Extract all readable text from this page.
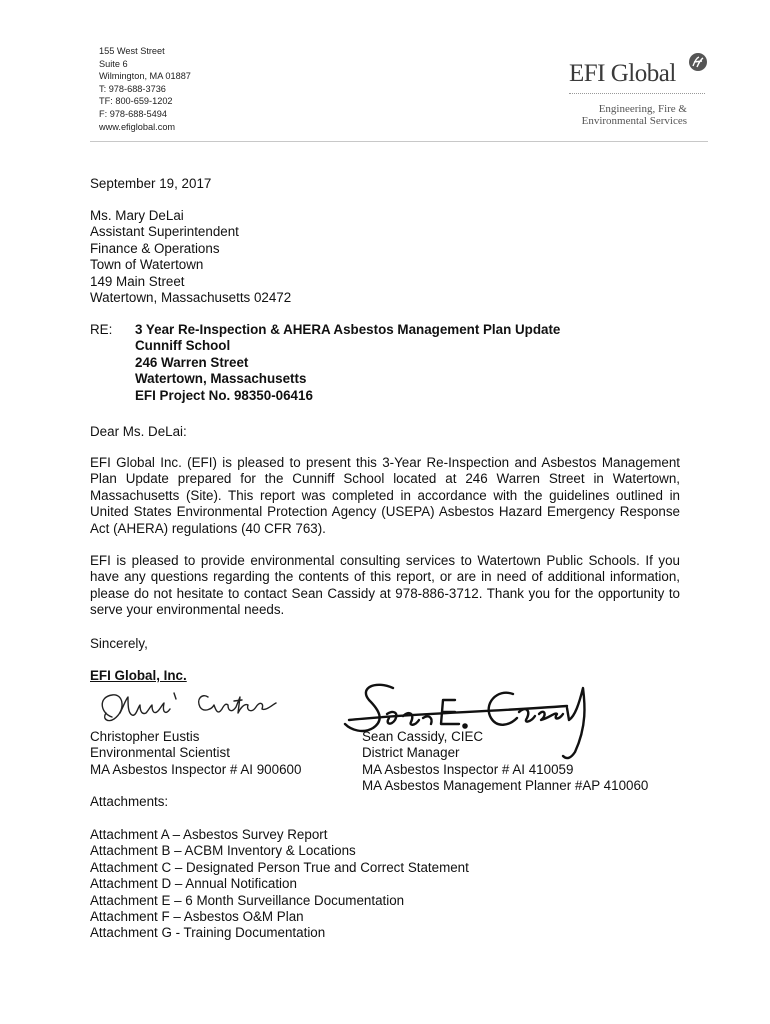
155 West Street
Suite 6
Wilmington, MA 01887
T: 978-688-3736
TF: 800-659-1202
F: 978-688-5494
www.efiglobal.com
EFI Global
Engineering, Fire &
Environmental Services
September 19, 2017
Ms. Mary DeLai
Assistant Superintendent
Finance & Operations
Town of Watertown
149 Main Street
Watertown, Massachusetts 02472
RE: 3 Year Re-Inspection & AHERA Asbestos Management Plan Update
Cunniff School
246 Warren Street
Watertown, Massachusetts
EFI Project No. 98350-06416
Dear Ms. DeLai:
EFI Global Inc. (EFI) is pleased to present this 3-Year Re-Inspection and Asbestos Management Plan Update prepared for the Cunniff School located at 246 Warren Street in Watertown, Massachusetts (Site). This report was completed in accordance with the guidelines outlined in United States Environmental Protection Agency (USEPA) Asbestos Hazard Emergency Response Act (AHERA) regulations (40 CFR 763).
EFI is pleased to provide environmental consulting services to Watertown Public Schools. If you have any questions regarding the contents of this report, or are in need of additional information, please do not hesitate to contact Sean Cassidy at 978-886-3712. Thank you for the opportunity to serve your environmental needs.
Sincerely,
EFI Global, Inc.
Christopher Eustis
Environmental Scientist
MA Asbestos Inspector # AI 900600
Sean Cassidy, CIEC
District Manager
MA Asbestos Inspector # AI 410059
MA Asbestos Management Planner #AP 410060
Attachments:
Attachment A – Asbestos Survey Report
Attachment B – ACBM Inventory & Locations
Attachment C – Designated Person True and Correct Statement
Attachment D – Annual Notification
Attachment E – 6 Month Surveillance Documentation
Attachment F – Asbestos O&M Plan
Attachment G - Training Documentation
